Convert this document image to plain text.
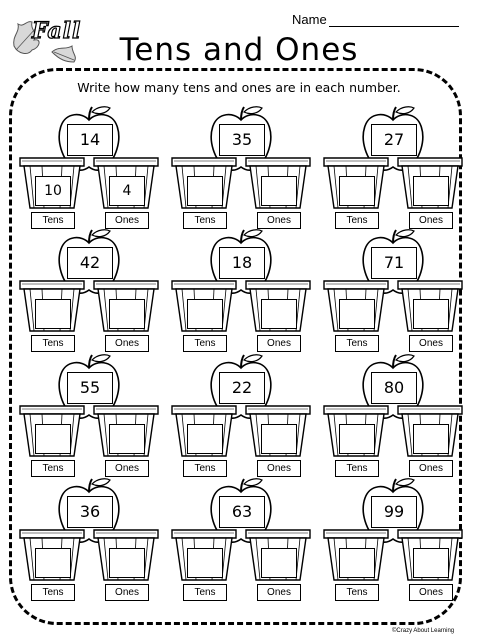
Fall	Name
Tens and Ones
Write how many tens and ones are in each number.
14
10	4
Tens	Ones
35
Tens	Ones
27
Tens	Ones
42
Tens	Ones
18
Tens	Ones
71
Tens	Ones
55
Tens	Ones
22
Tens	Ones
80
Tens	Ones
36
Tens	Ones
63
Tens	Ones
99
Tens	Ones
©Crazy About Learning
